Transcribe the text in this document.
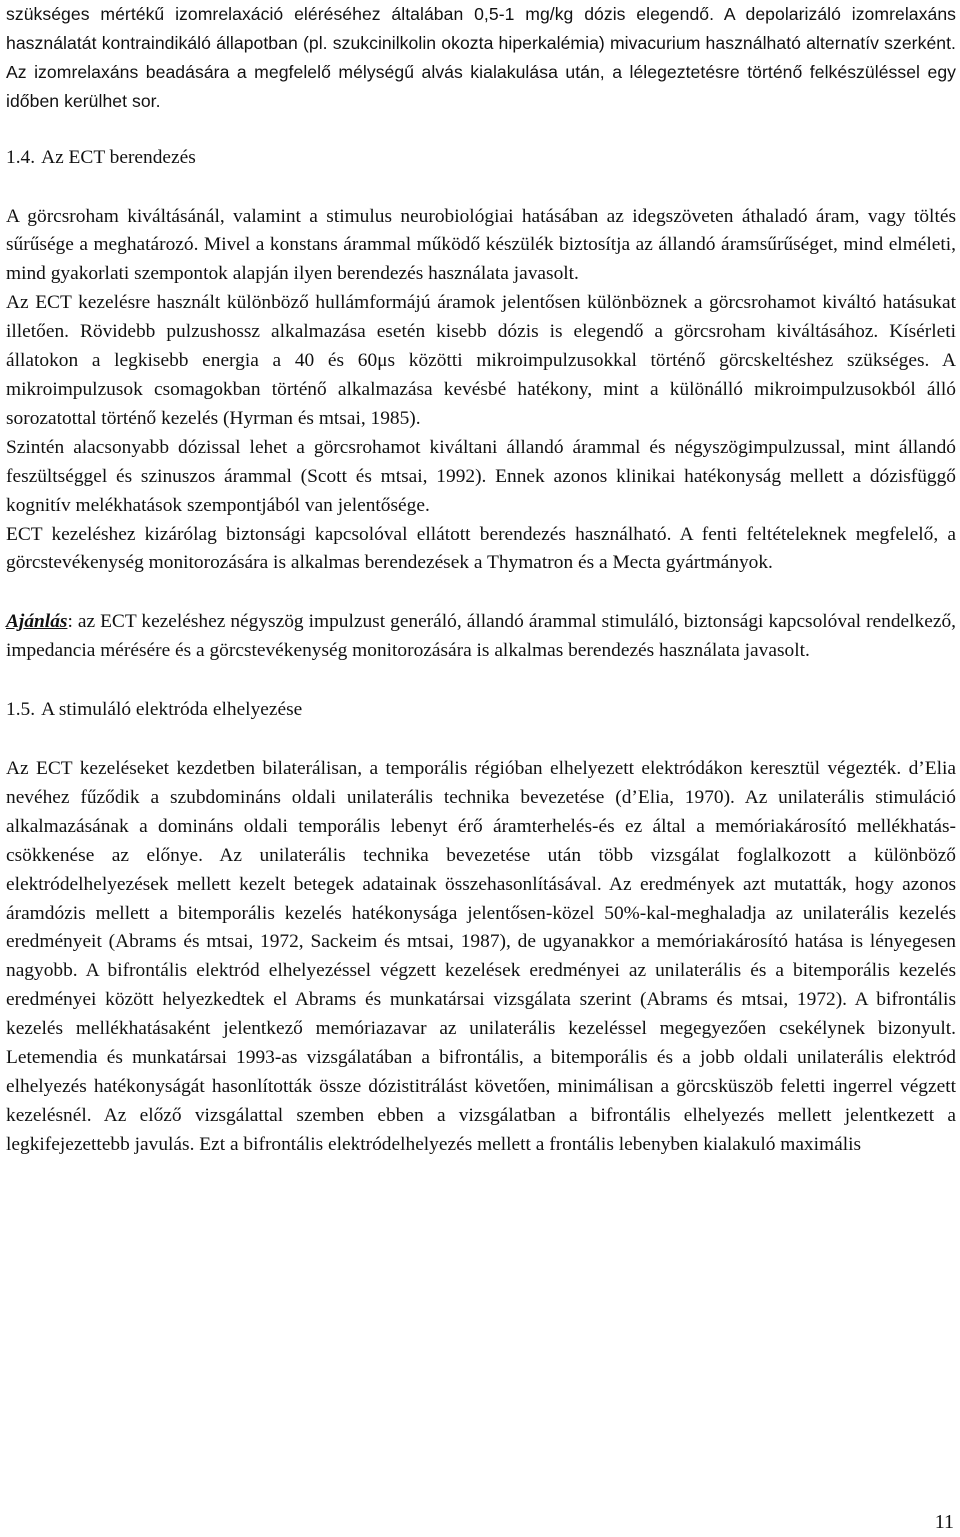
szükséges mértékű izomrelaxáció eléréséhez általában 0,5-1 mg/kg dózis elegendő. A depolarizáló izomrelaxáns használatát kontraindikáló állapotban (pl. szukcinilkolin okozta hiperkalémia) mivacurium használható alternatív szerként. Az izomrelaxáns beadására a megfelelő mélységű alvás kialakulása után, a lélegeztetésre történő felkészüléssel egy időben kerülhet sor.

1.4. Az ECT berendezés

A görcsroham kiváltásánál, valamint a stimulus neurobiológiai hatásában az idegszöveten áthaladó áram, vagy töltés sűrűsége a meghatározó. Mivel a konstans árammal működő készülék biztosítja az állandó áramsűrűséget, mind elméleti, mind gyakorlati szempontok alapján ilyen berendezés használata javasolt.

Az ECT kezelésre használt különböző hullámformájú áramok jelentősen különböznek a görcsrohamot kiváltó hatásukat illetően. Rövidebb pulzushossz alkalmazása esetén kisebb dózis is elegendő a görcsroham kiváltásához. Kísérleti állatokon a legkisebb energia a 40 és 60μs közötti mikroimpulzusokkal történő görcskeltéshez szükséges. A mikroimpulzusok csomagokban történő alkalmazása kevésbé hatékony, mint a különálló mikroimpulzusokból álló sorozatottal történő kezelés (Hyrman és mtsai, 1985).

Szintén alacsonyabb dózissal lehet a görcsrohamot kiváltani állandó árammal és négyszögimpulzussal, mint állandó feszültséggel és szinuszos árammal (Scott és mtsai, 1992). Ennek azonos klinikai hatékonyság mellett a dózisfüggő kognitív melékhatások szempontjából van jelentősége.

ECT kezeléshez kizárólag biztonsági kapcsolóval ellátott berendezés használható. A fenti feltételeknek megfelelő, a görcstevékenység monitorozására is alkalmas berendezések a Thymatron és a Mecta gyártmányok.

Ajánlás: az ECT kezeléshez négyszög impulzust generáló, állandó árammal stimuláló, biztonsági kapcsolóval rendelkező, impedancia mérésére és a görcstevékenység monitorozására is alkalmas berendezés használata javasolt.

1.5. A stimuláló elektróda elhelyezése

Az ECT kezeléseket kezdetben bilaterálisan, a temporális régióban elhelyezett elektródákon keresztül végezték. d’Elia nevéhez fűződik a szubdomináns oldali unilaterális technika bevezetése (d’Elia, 1970). Az unilaterális stimuláció alkalmazásának a domináns oldali temporális lebenyt érő áramterhelés-és ez által a memóriakárosító mellékhatás-csökkenése az előnye. Az unilaterális technika bevezetése után több vizsgálat foglalkozott a különböző elektródelhelyezések mellett kezelt betegek adatainak összehasonlításával. Az eredmények azt mutatták, hogy azonos áramdózis mellett a bitemporális kezelés hatékonysága jelentősen-közel 50%-kal-meghaladja az unilaterális kezelés eredményeit (Abrams és mtsai, 1972, Sackeim és mtsai, 1987), de ugyanakkor a memóriakárosító hatása is lényegesen nagyobb. A bifrontális elektród elhelyezéssel végzett kezelések eredményei az unilaterális és a bitemporális kezelés eredményei között helyezkedtek el Abrams és munkatársai vizsgálata szerint (Abrams és mtsai, 1972). A bifrontális kezelés mellékhatásaként jelentkező memóriazavar az unilaterális kezeléssel megegyezően csekélynek bizonyult. Letemendia és munkatársai 1993-as vizsgálatában a bifrontális, a bitemporális és a jobb oldali unilaterális elektród elhelyezés hatékonyságát hasonlították össze dózistitrálást követően, minimálisan a görcsküszöb feletti ingerrel végzett kezelésnél. Az előző vizsgálattal szemben ebben a vizsgálatban a bifrontális elhelyezés mellett jelentkezett a legkifejezettebb javulás. Ezt a bifrontális elektródelhelyezés mellett a frontális lebenyben kialakuló maximális

11
